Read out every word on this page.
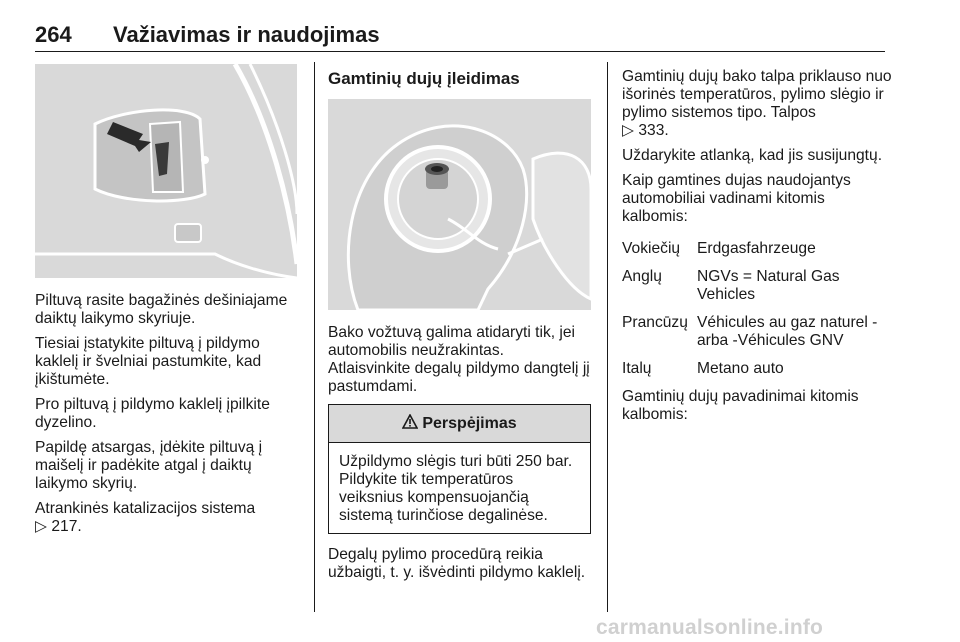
264 Važiavimas ir naudojimas

Piltuvą rasite bagažinės dešiniajame daiktų laikymo skyriuje.

Tiesiai įstatykite piltuvą į pildymo kaklelį ir švelniai pastumkite, kad įkištumėte.

Pro piltuvą į pildymo kaklelį įpilkite dyzelino.

Papildę atsargas, įdėkite piltuvą į maišelį ir padėkite atgal į daiktų laikymo skyrių.

Atrankinės katalizacijos sistema
▷ 217.

Gamtinių dujų įleidimas

Bako vožtuvą galima atidaryti tik, jei automobilis neužrakintas.

Atlaisvinkite degalų pildymo dangtelį jį pastumdami.

Perspėjimas

Užpildymo slėgis turi būti 250 bar. Pildykite tik temperatūros veiksnius kompensuojančią sistemą turinčiose degalinėse.

Degalų pylimo procedūrą reikia užbaigti, t. y. išvėdinti pildymo kaklelį.

Gamtinių dujų bako talpa priklauso nuo išorinės temperatūros, pylimo slėgio ir pylimo sistemos tipo. Talpos
▷ 333.

Uždarykite atlanką, kad jis susijungtų.

Kaip gamtines dujas naudojantys automobiliai vadinami kitomis kalbomis:

Vokiečių	Erdgasfahrzeuge
Anglų	NGVs = Natural Gas Vehicles
Prancūzų Véhicules au gaz naturel - arba -Véhicules GNV
Italų	Metano auto

Gamtinių dujų pavadinimai kitomis kalbomis:

carmanualsonline.info
